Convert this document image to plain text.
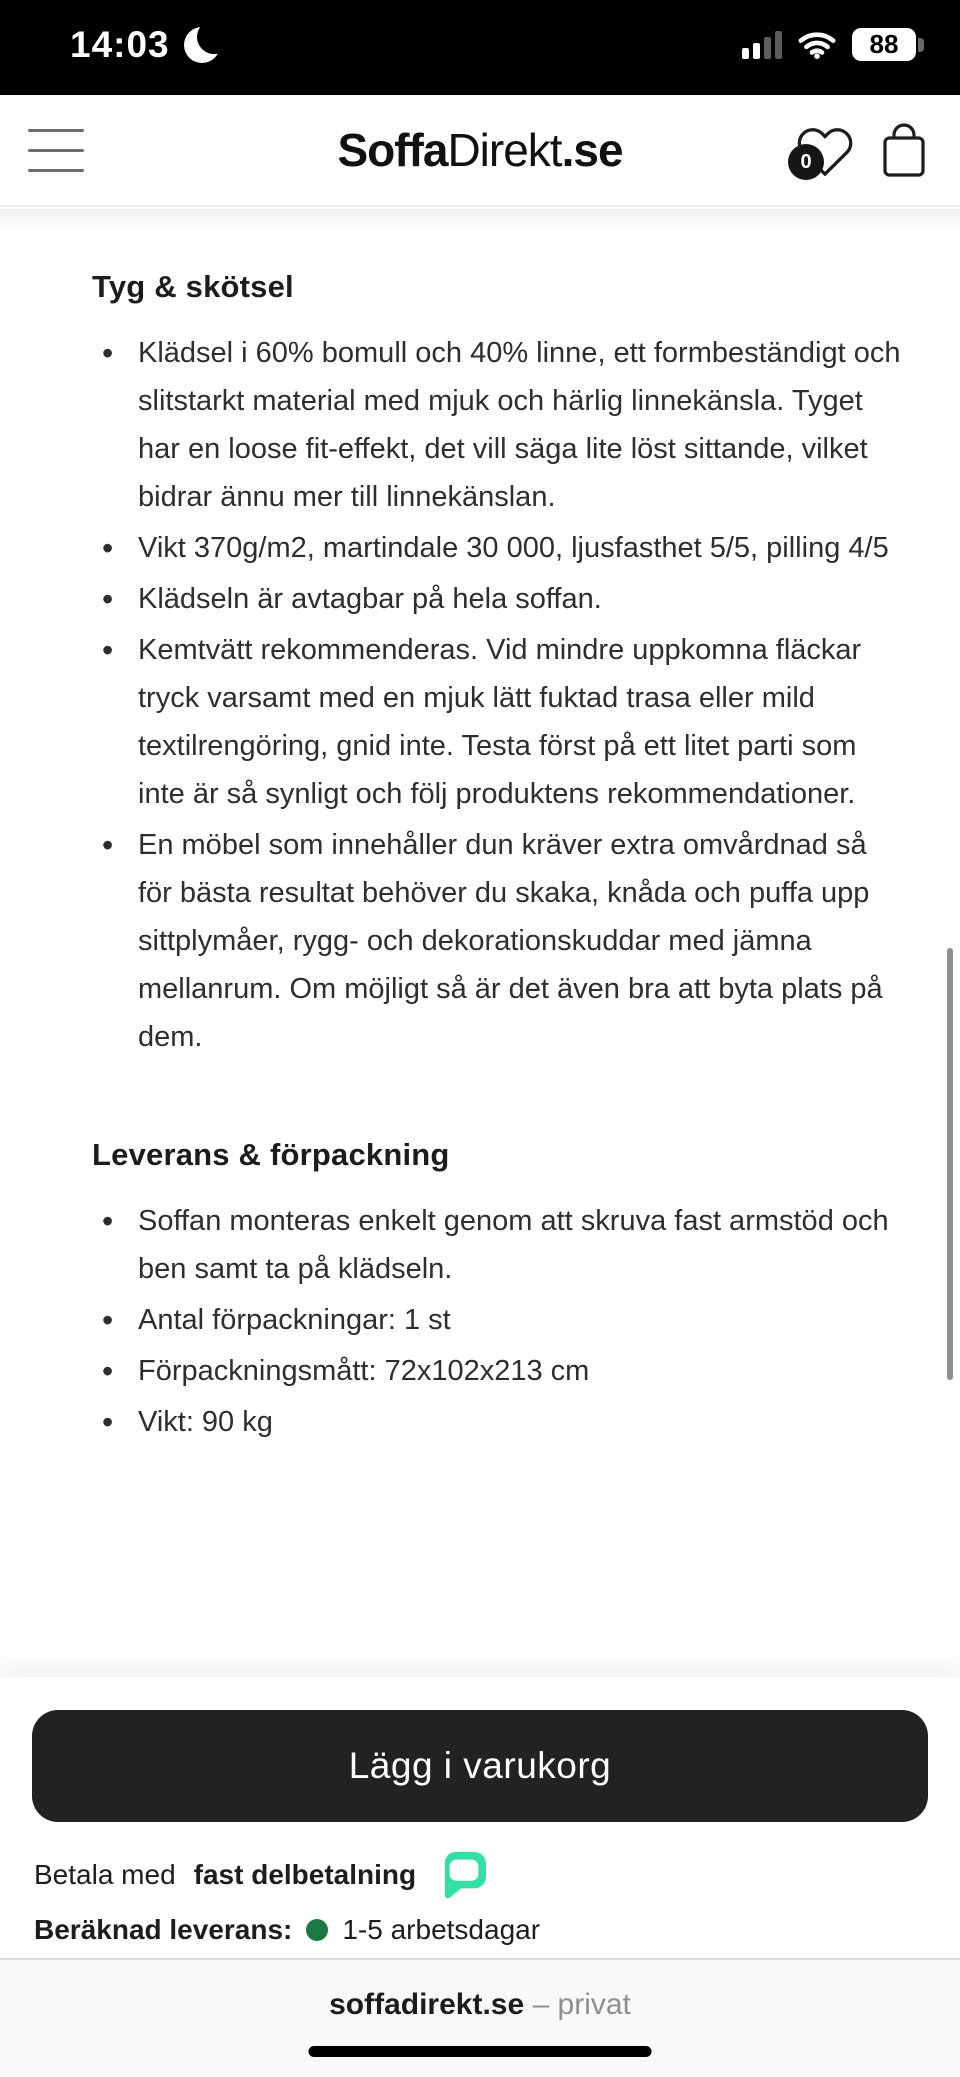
14:03	88
SoffaDirekt.se	0
Tyg & skötsel
• Klädsel i 60% bomull och 40% linne, ett formbeständigt och slitstarkt material med mjuk och härlig linnekänsla. Tyget har en loose fit-effekt, det vill säga lite löst sittande, vilket bidrar ännu mer till linnekänslan.
• Vikt 370g/m2, martindale 30 000, ljusfasthet 5/5, pilling 4/5
• Klädseln är avtagbar på hela soffan.
• Kemtvätt rekommenderas. Vid mindre uppkomna fläckar tryck varsamt med en mjuk lätt fuktad trasa eller mild textilrengöring, gnid inte. Testa först på ett litet parti som inte är så synligt och följ produktens rekommendationer.
• En möbel som innehåller dun kräver extra omvårdnad så för bästa resultat behöver du skaka, knåda och puffa upp sittplymåer, rygg- och dekorationskuddar med jämna mellanrum. Om möjligt så är det även bra att byta plats på dem.
Leverans & förpackning
• Soffan monteras enkelt genom att skruva fast armstöd och ben samt ta på klädseln.
• Antal förpackningar: 1 st
• Förpackningsmått: 72x102x213 cm
• Vikt: 90 kg
Lägg i varukorg
Betala med fast delbetalning
Beräknad leverans: 1-5 arbetsdagar
soffadirekt.se – privat
